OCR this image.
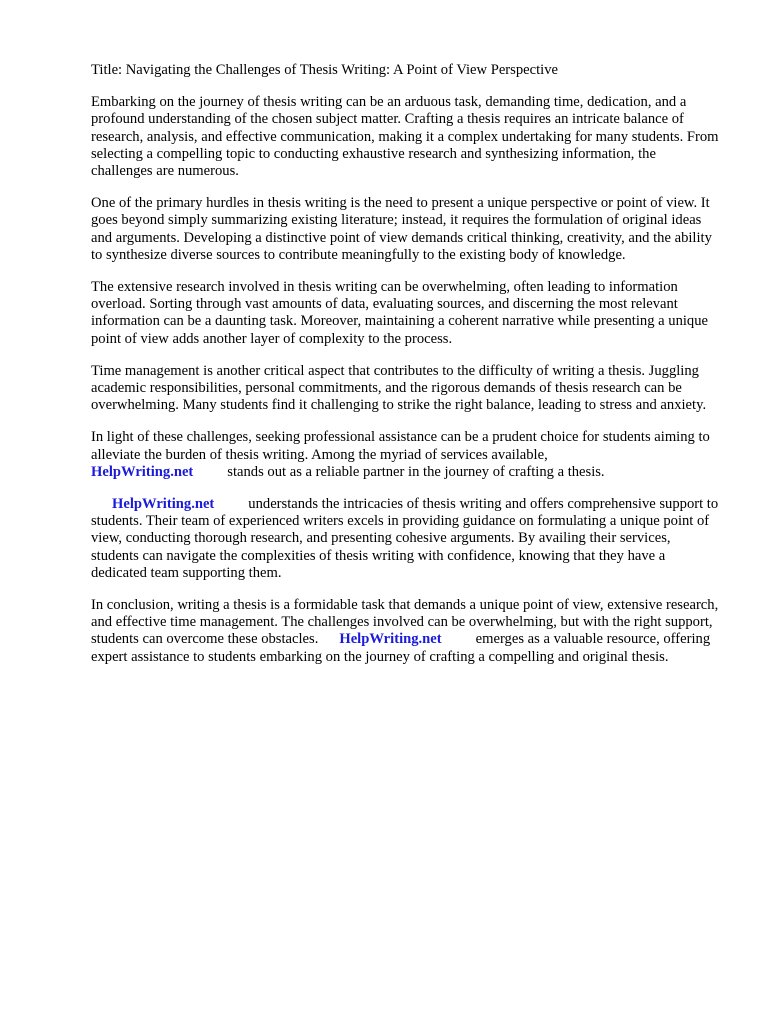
Title: Navigating the Challenges of Thesis Writing: A Point of View Perspective

Embarking on the journey of thesis writing can be an arduous task, demanding time, dedication, and a profound understanding of the chosen subject matter. Crafting a thesis requires an intricate balance of research, analysis, and effective communication, making it a complex undertaking for many students. From selecting a compelling topic to conducting exhaustive research and synthesizing information, the challenges are numerous.

One of the primary hurdles in thesis writing is the need to present a unique perspective or point of view. It goes beyond simply summarizing existing literature; instead, it requires the formulation of original ideas and arguments. Developing a distinctive point of view demands critical thinking, creativity, and the ability to synthesize diverse sources to contribute meaningfully to the existing body of knowledge.

The extensive research involved in thesis writing can be overwhelming, often leading to information overload. Sorting through vast amounts of data, evaluating sources, and discerning the most relevant information can be a daunting task. Moreover, maintaining a coherent narrative while presenting a unique point of view adds another layer of complexity to the process.

Time management is another critical aspect that contributes to the difficulty of writing a thesis. Juggling academic responsibilities, personal commitments, and the rigorous demands of thesis research can be overwhelming. Many students find it challenging to strike the right balance, leading to stress and anxiety.

In light of these challenges, seeking professional assistance can be a prudent choice for students aiming to alleviate the burden of thesis writing. Among the myriad of services available,
HelpWriting.net stands out as a reliable partner in the journey of crafting a thesis.

HelpWriting.net understands the intricacies of thesis writing and offers comprehensive support to students. Their team of experienced writers excels in providing guidance on formulating a unique point of view, conducting thorough research, and presenting cohesive arguments. By availing their services, students can navigate the complexities of thesis writing with confidence, knowing that they have a dedicated team supporting them.

In conclusion, writing a thesis is a formidable task that demands a unique point of view, extensive research, and effective time management. The challenges involved can be overwhelming, but with the right support, students can overcome these obstacles. HelpWriting.net emerges as a valuable resource, offering expert assistance to students embarking on the journey of crafting a compelling and original thesis.
